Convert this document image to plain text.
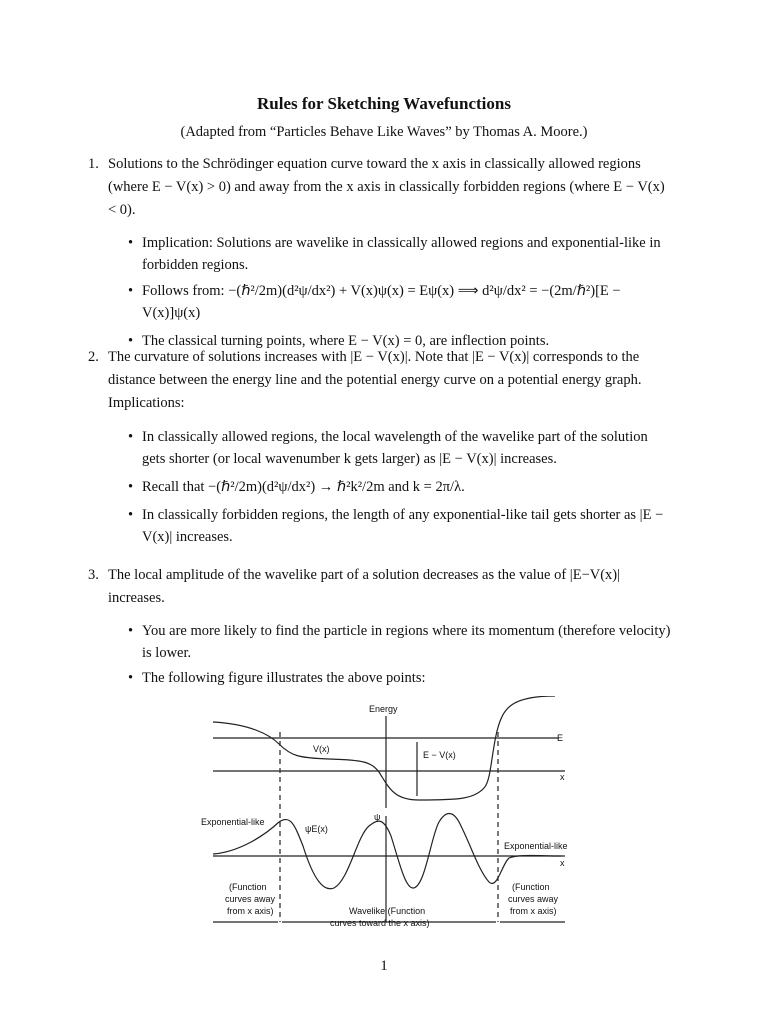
Rules for Sketching Wavefunctions
(Adapted from “Particles Behave Like Waves” by Thomas A. Moore.)
1. Solutions to the Schrödinger equation curve toward the x axis in classically allowed regions (where E − V(x) > 0) and away from the x axis in classically forbidden regions (where E − V(x) < 0).
• Implication: Solutions are wavelike in classically allowed regions and exponential-like in forbidden regions.
• Follows from: −(ℏ²/2m)(d²ψ/dx²) + V(x)ψ(x) = Eψ(x) ⟹ d²ψ/dx² = −(2m/ℏ²)[E − V(x)]ψ(x)
• The classical turning points, where E − V(x) = 0, are inflection points.
2. The curvature of solutions increases with |E − V(x)|. Note that |E − V(x)| corresponds to the distance between the energy line and the potential energy curve on a potential energy graph. Implications:
• In classically allowed regions, the local wavelength of the wavelike part of the solution gets shorter (or local wavenumber k gets larger) as |E − V(x)| increases.
• Recall that −(ℏ²/2m)(d²ψ/dx²) → ℏ²k²/2m and k = 2π/λ.
• In classically forbidden regions, the length of any exponential-like tail gets shorter as |E − V(x)| increases.
3. The local amplitude of the wavelike part of a solution decreases as the value of |E−V(x)| increases.
• You are more likely to find the particle in regions where its momentum (therefore velocity) is lower.
• The following figure illustrates the above points:
Energy
E
V(x)
E − V(x)
x
ψ
ψE(x)
Exponential-like
Exponential-like
x
(Function
curves away
from x axis)
(Function
curves away
from x axis)
Wavelike (Function
curves toward the x axis)
1
